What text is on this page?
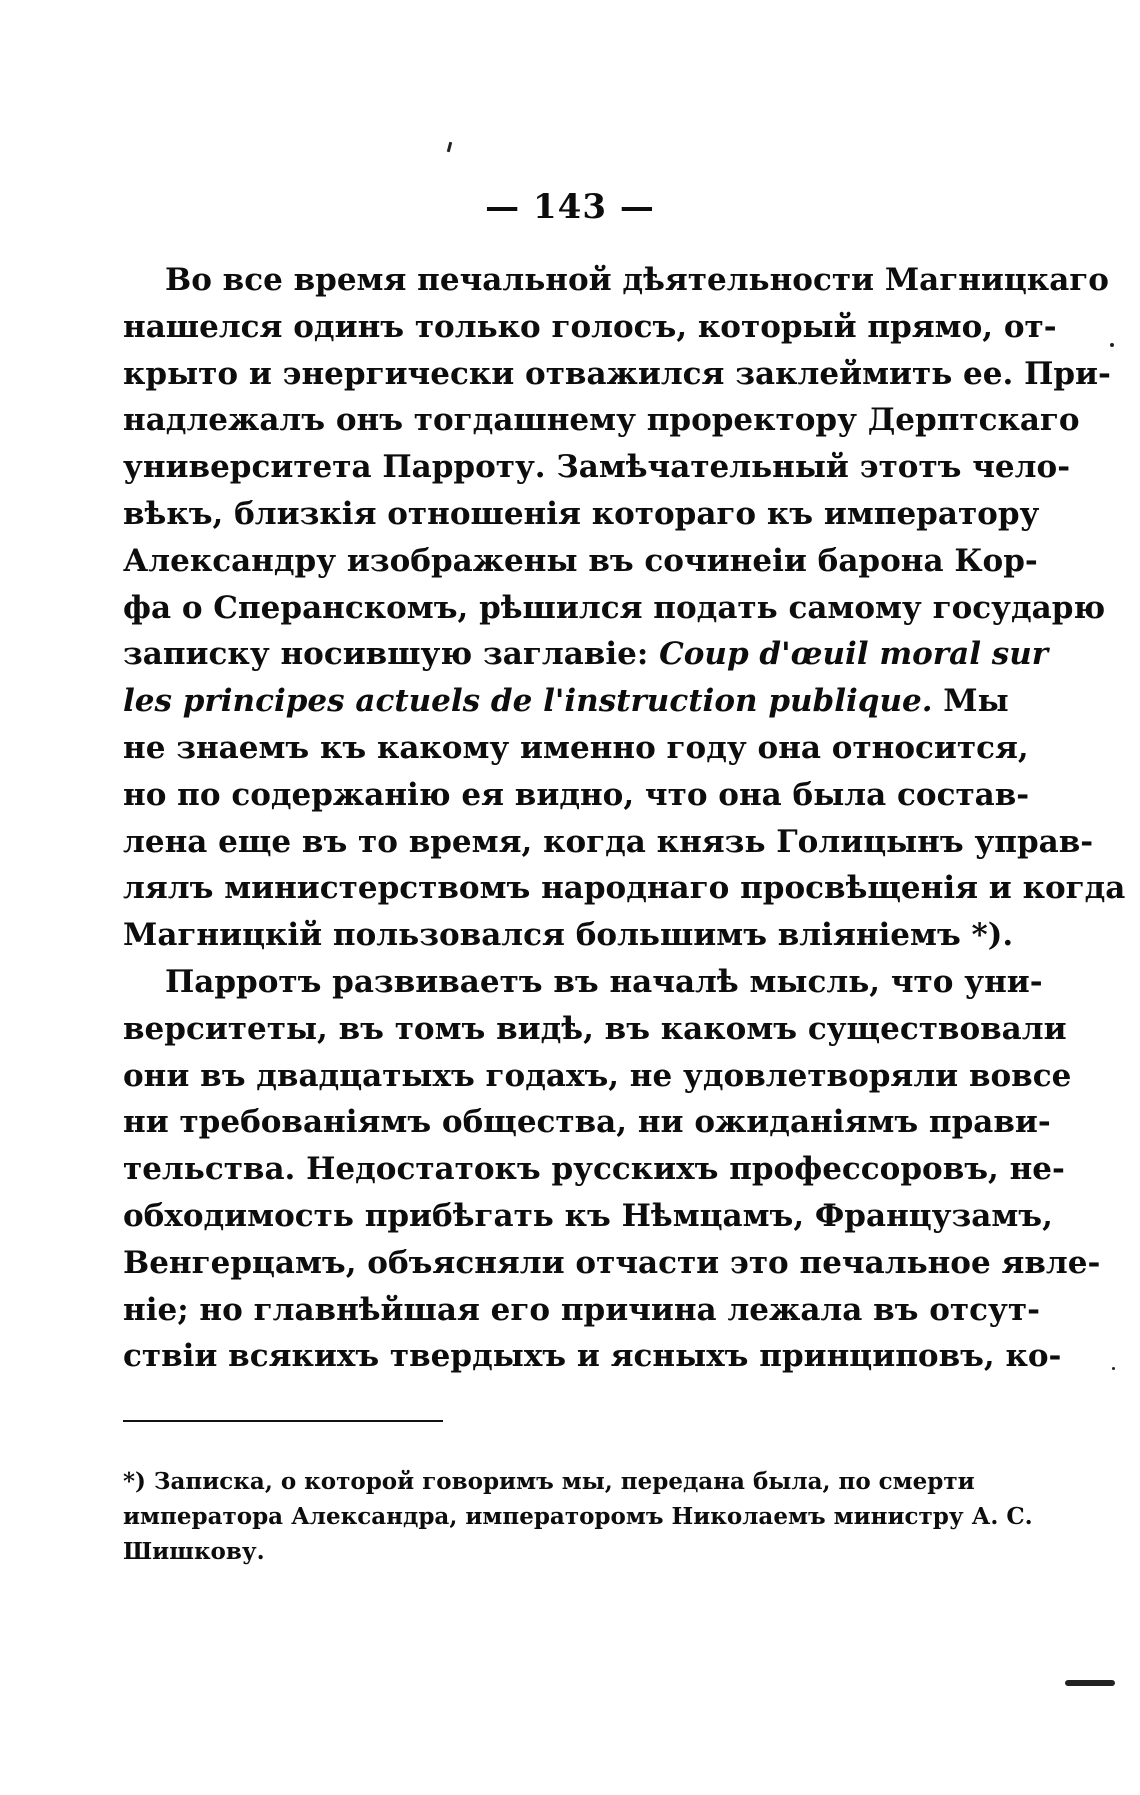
— 143 —
Во все время печальной дѣятельности Магницкаго
нашелся одинъ только голосъ, который прямо, от-
крыто и энергически отважился заклеймить ее. При-
надлежалъ онъ тогдашнему проректору Дерптскаго
университета Парроту. Замѣчательный этотъ чело-
вѣкъ, близкія отношенія котораго къ императору
Александру изображены въ сочинеіи барона Кор-
фа о Сперанскомъ, рѣшился подать самому государю
записку носившую заглавіе: Coup d'œuil moral sur
les principes actuels de l'instruction publique. Мы
не знаемъ къ какому именно году она относится,
но по содержанію ея видно, что она была состав-
лена еще въ то время, когда князь Голицынъ управ-
лялъ министерствомъ народнаго просвѣщенія и когда
Магницкій пользовался большимъ вліяніемъ *).
Парротъ развиваетъ въ началѣ мысль, что уни-
верситеты, въ томъ видѣ, въ какомъ существовали
они въ двадцатыхъ годахъ, не удовлетворяли вовсе
ни требованіямъ общества, ни ожиданіямъ прави-
тельства. Недостатокъ русскихъ профессоровъ, не-
обходимость прибѣгать къ Нѣмцамъ, Французамъ,
Венгерцамъ, объясняли отчасти это печальное явле-
ніе; но главнѣйшая его причина лежала въ отсут-
ствіи всякихъ твердыхъ и ясныхъ принциповъ, ко-
*) Записка, о которой говоримъ мы, передана была, по смерти
императора Александра, императоромъ Николаемъ министру А. С.
Шишкову.
